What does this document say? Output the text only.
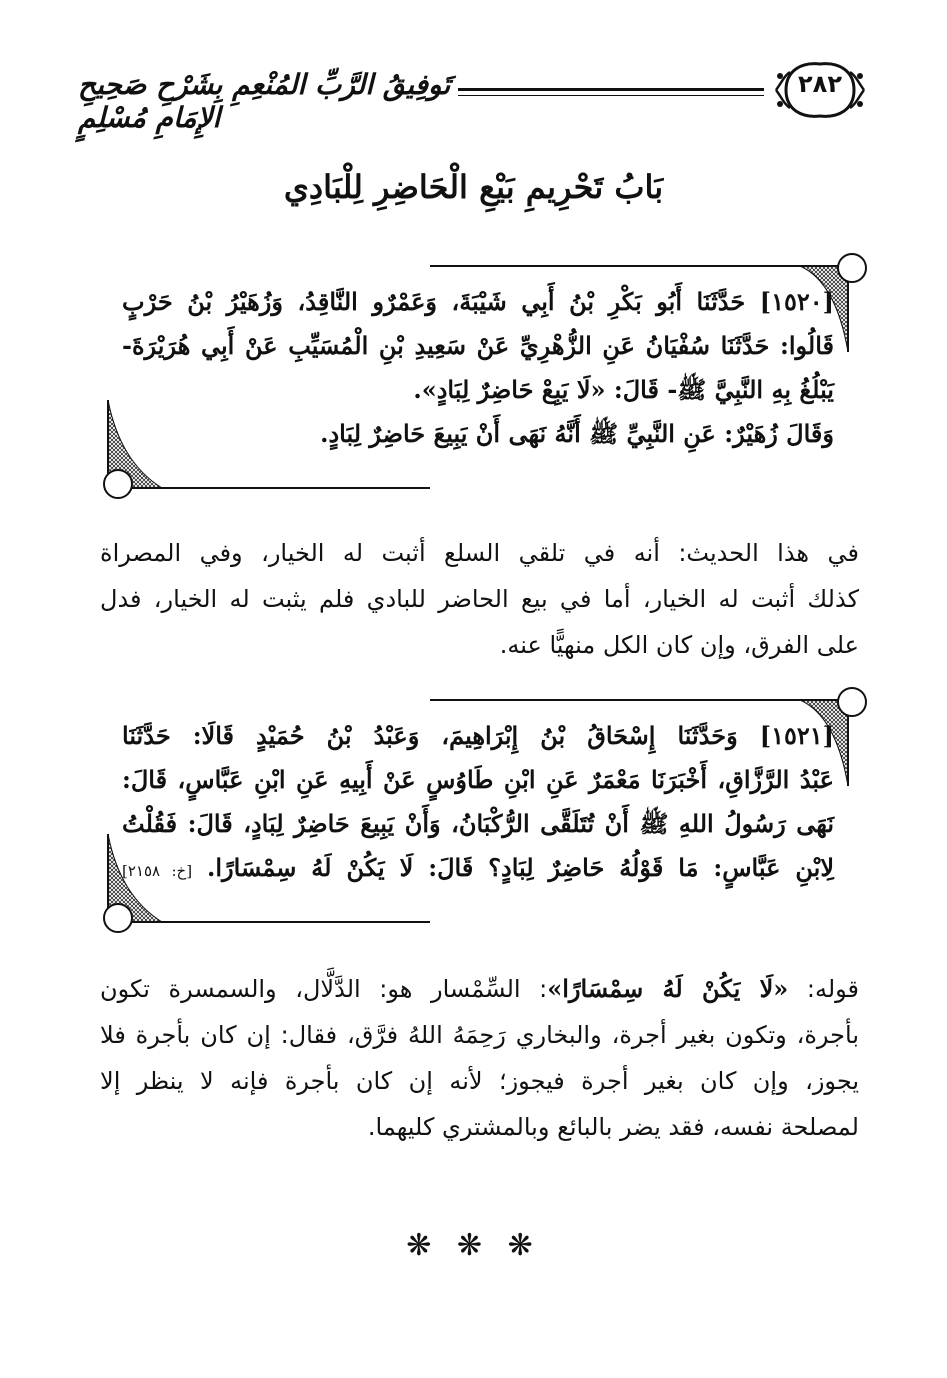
تَوفِيقُ الرَّبِّ المُنْعِمِ بِشَرْحِ صَحِيحِ الإِمَامِ مُسْلِمٍ
٢٨٢
بَابُ تَحْرِيمِ بَيْعِ الْحَاضِرِ لِلْبَادِي
[١٥٢٠] حَدَّثَنَا أَبُو بَكْرِ بْنُ أَبِي شَيْبَةَ، وَعَمْرٌو النَّاقِدُ، وَزُهَيْرُ بْنُ حَرْبٍ
قَالُوا: حَدَّثَنَا سُفْيَانُ عَنِ الزُّهْرِيِّ عَنْ سَعِيدِ بْنِ الْمُسَيِّبِ عَنْ أَبِي هُرَيْرَةَ-
يَبْلُغُ بِهِ النَّبِيَّ ﷺ- قَالَ: «لَا يَبِعْ حَاضِرٌ لِبَادٍ».
وَقَالَ زُهَيْرٌ: عَنِ النَّبِيِّ ﷺ أَنَّهُ نَهَى أَنْ يَبِيعَ حَاضِرٌ لِبَادٍ.
في هذا الحديث: أنه في تلقي السلع أثبت له الخيار، وفي المصراة
كذلك أثبت له الخيار، أما في بيع الحاضر للبادي فلم يثبت له الخيار، فدل
على الفرق، وإن كان الكل منهيًّا عنه.
[١٥٢١] وَحَدَّثَنَا إِسْحَاقُ بْنُ إِبْرَاهِيمَ، وَعَبْدُ بْنُ حُمَيْدٍ قَالَا: حَدَّثَنَا
عَبْدُ الرَّزَّاقِ، أَخْبَرَنَا مَعْمَرٌ عَنِ ابْنِ طَاوُسٍ عَنْ أَبِيهِ عَنِ ابْنِ عَبَّاسٍ، قَالَ:
نَهَى رَسُولُ اللهِ ﷺ أَنْ تُتَلَقَّى الرُّكْبَانُ، وَأَنْ يَبِيعَ حَاضِرٌ لِبَادٍ، قَالَ: فَقُلْتُ
لِابْنِ عَبَّاسٍ: مَا قَوْلُهُ حَاضِرٌ لِبَادٍ؟ قَالَ: لَا يَكُنْ لَهُ سِمْسَارًا. [خ: ٢١٥٨]
قوله: «لَا يَكُنْ لَهُ سِمْسَارًا»: السِّمْسار هو: الدَّلَّال، والسمسرة تكون
بأجرة، وتكون بغير أجرة، والبخاري رَحِمَهُ اللهُ فرَّق، فقال: إن كان بأجرة فلا
يجوز، وإن كان بغير أجرة فيجوز؛ لأنه إن كان بأجرة فإنه لا ينظر إلا
لمصلحة نفسه، فقد يضر بالبائع وبالمشتري كليهما.
❋ ❋ ❋
